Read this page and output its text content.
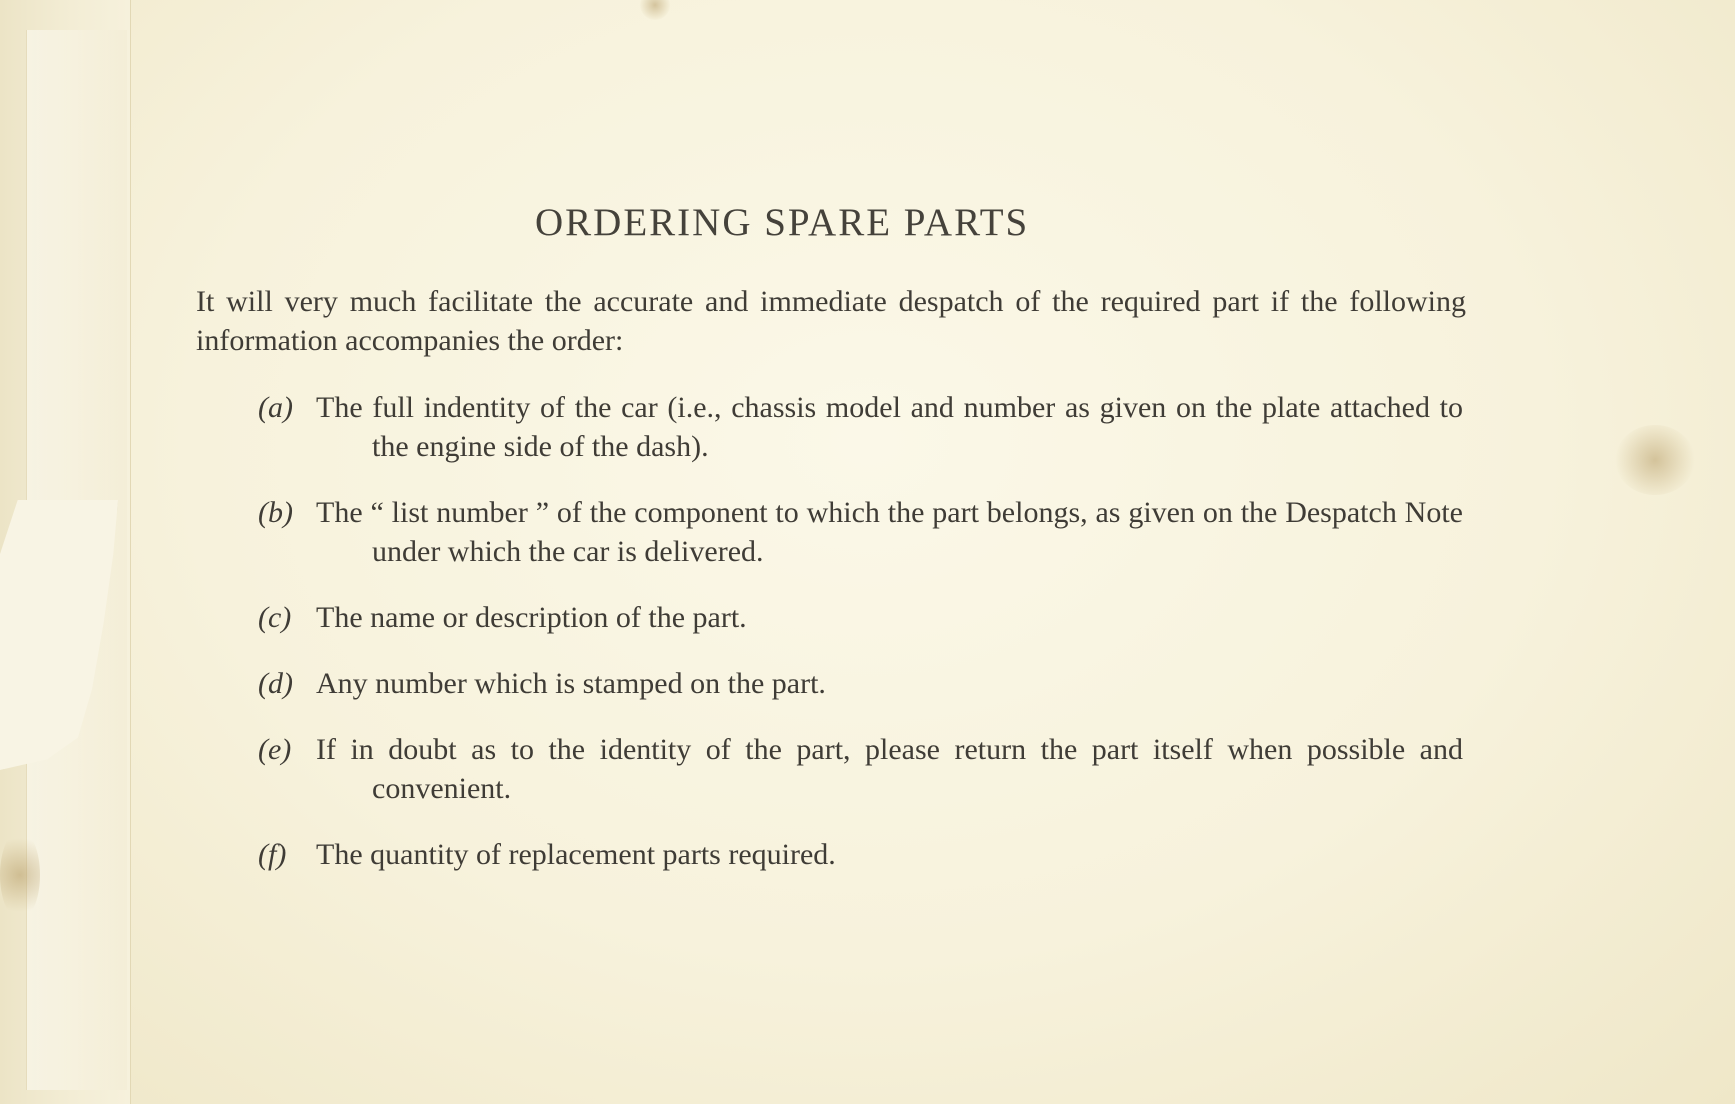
ORDERING SPARE PARTS
It will very much facilitate the accurate and immediate despatch of the required part if the following information accompanies the order:
(a) The full indentity of the car (i.e., chassis model and number as given on the plate attached to the engine side of the dash).
(b) The “ list number ” of the component to which the part belongs, as given on the Despatch Note under which the car is delivered.
(c) The name or description of the part.
(d) Any number which is stamped on the part.
(e) If in doubt as to the identity of the part, please return the part itself when possible and convenient.
(f) The quantity of replacement parts required.
